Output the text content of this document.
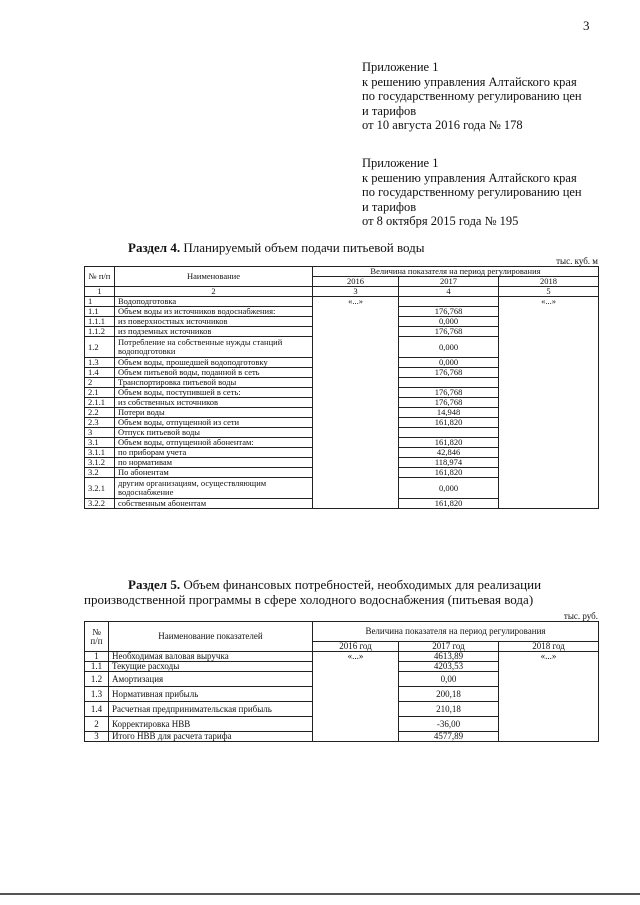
3
Приложение 1
к решению управления Алтайского края
по государственному регулированию цен
и тарифов
от 10 августа 2016 года № 178
Приложение 1
к решению управления Алтайского края
по государственному регулированию цен
и тарифов
от 8 октября 2015 года № 195
Раздел 4. Планируемый объем подачи питьевой воды
тыс. куб. м
№ п/п	Наименование	Величина показателя на период регулирования		
		2016	2017	2018
1	2	3	4	5
1	Водоподготовка	«...»		«...»
1.1	Объем воды из источников водоснабжения:		176,768	
1.1.1	из поверхностных источников		0,000	
1.1.2	из подземных источников		176,768	
1.2	Потребление на собственные нужды станций водоподготовки		0,000	
1.3	Объем воды, прошедшей водоподготовку		0,000	
1.4	Объем питьевой воды, поданной в сеть		176,768	
2	Транспортировка питьевой воды			
2.1	Объем воды, поступившей в сеть:		176,768	
2.1.1	из собственных источников		176,768	
2.2	Потери воды		14,948	
2.3	Объем воды, отпущенной из сети		161,820	
3	Отпуск питьевой воды			
3.1	Объем воды, отпущенной абонентам:		161,820	
3.1.1	по приборам учета		42,846	
3.1.2	по нормативам		118,974	
3.2	По абонентам		161,820	
3.2.1	другим организациям, осуществляющим водоснабжение		0,000	
3.2.2	собственным абонентам		161,820	
Раздел 5. Объем финансовых потребностей, необходимых для реализации производственной программы в сфере холодного водоснабжения (питьевая вода)
тыс. руб.
№ п/п	Наименование показателей	Величина показателя на период регулирования		
		2016 год	2017 год	2018 год
1	Необходимая валовая выручка	«...»	4613,89	«...»
1.1	Текущие расходы		4203,53	
1.2	Амортизация		0,00	
1.3	Нормативная прибыль		200,18	
1.4	Расчетная предпринимательская прибыль		210,18	
2	Корректировка НВВ		-36,00	
3	Итого НВВ для расчета тарифа		4577,89	
